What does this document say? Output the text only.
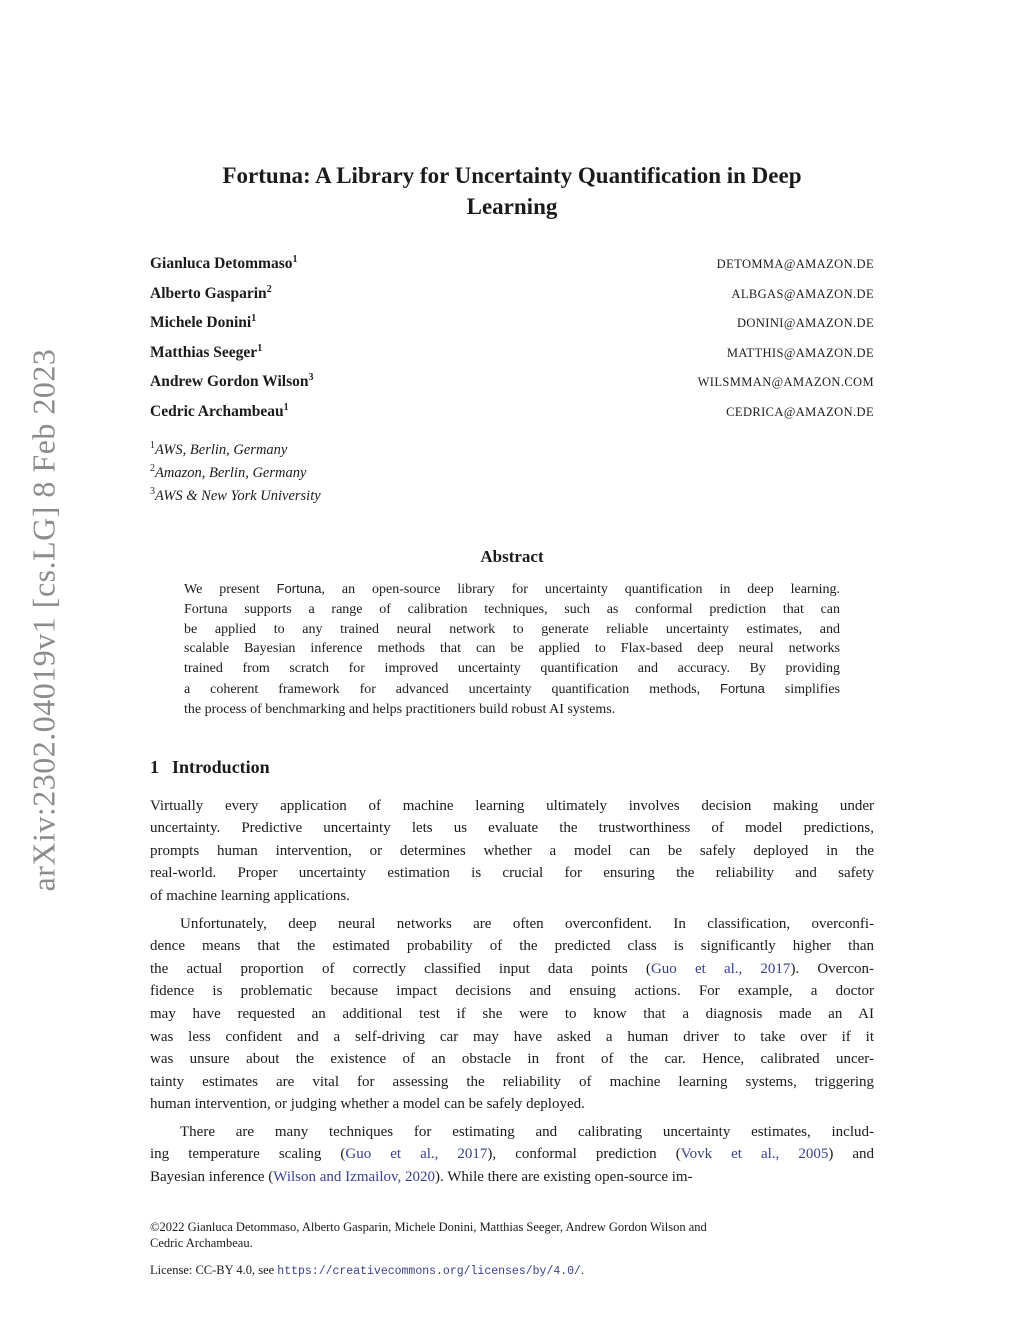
arXiv:2302.04019v1 [cs.LG] 8 Feb 2023
Fortuna: A Library for Uncertainty Quantification in Deep
Learning
Gianluca Detommaso$^1$	DETOMMA@AMAZON.DE
Alberto Gasparin$^2$	ALBGAS@AMAZON.DE
Michele Donini$^1$	DONINI@AMAZON.DE
Matthias Seeger$^1$	MATTHIS@AMAZON.DE
Andrew Gordon Wilson$^3$	WILSMMAN@AMAZON.COM
Cedric Archambeau$^1$	CEDRICA@AMAZON.DE
$^1$AWS, Berlin, Germany
$^2$Amazon, Berlin, Germany
$^3$AWS & New York University
Abstract
We present Fortuna, an open-source library for uncertainty quantification in deep learning.
Fortuna supports a range of calibration techniques, such as conformal prediction that can
be applied to any trained neural network to generate reliable uncertainty estimates, and
scalable Bayesian inference methods that can be applied to Flax-based deep neural networks
trained from scratch for improved uncertainty quantification and accuracy. By providing
a coherent framework for advanced uncertainty quantification methods, Fortuna simplifies
the process of benchmarking and helps practitioners build robust AI systems.
1 Introduction
Virtually every application of machine learning ultimately involves decision making under
uncertainty. Predictive uncertainty lets us evaluate the trustworthiness of model predictions,
prompts human intervention, or determines whether a model can be safely deployed in the
real-world. Proper uncertainty estimation is crucial for ensuring the reliability and safety
of machine learning applications.
Unfortunately, deep neural networks are often overconfident. In classification, overconfi-
dence means that the estimated probability of the predicted class is significantly higher than
the actual proportion of correctly classified input data points (Guo et al., 2017). Overcon-
fidence is problematic because impact decisions and ensuing actions. For example, a doctor
may have requested an additional test if she were to know that a diagnosis made an AI
was less confident and a self-driving car may have asked a human driver to take over if it
was unsure about the existence of an obstacle in front of the car. Hence, calibrated uncer-
tainty estimates are vital for assessing the reliability of machine learning systems, triggering
human intervention, or judging whether a model can be safely deployed.
There are many techniques for estimating and calibrating uncertainty estimates, includ-
ing temperature scaling (Guo et al., 2017), conformal prediction (Vovk et al., 2005) and
Bayesian inference (Wilson and Izmailov, 2020). While there are existing open-source im-
©2022 Gianluca Detommaso, Alberto Gasparin, Michele Donini, Matthias Seeger, Andrew Gordon Wilson and
Cedric Archambeau.
License: CC-BY 4.0, see https://creativecommons.org/licenses/by/4.0/.
